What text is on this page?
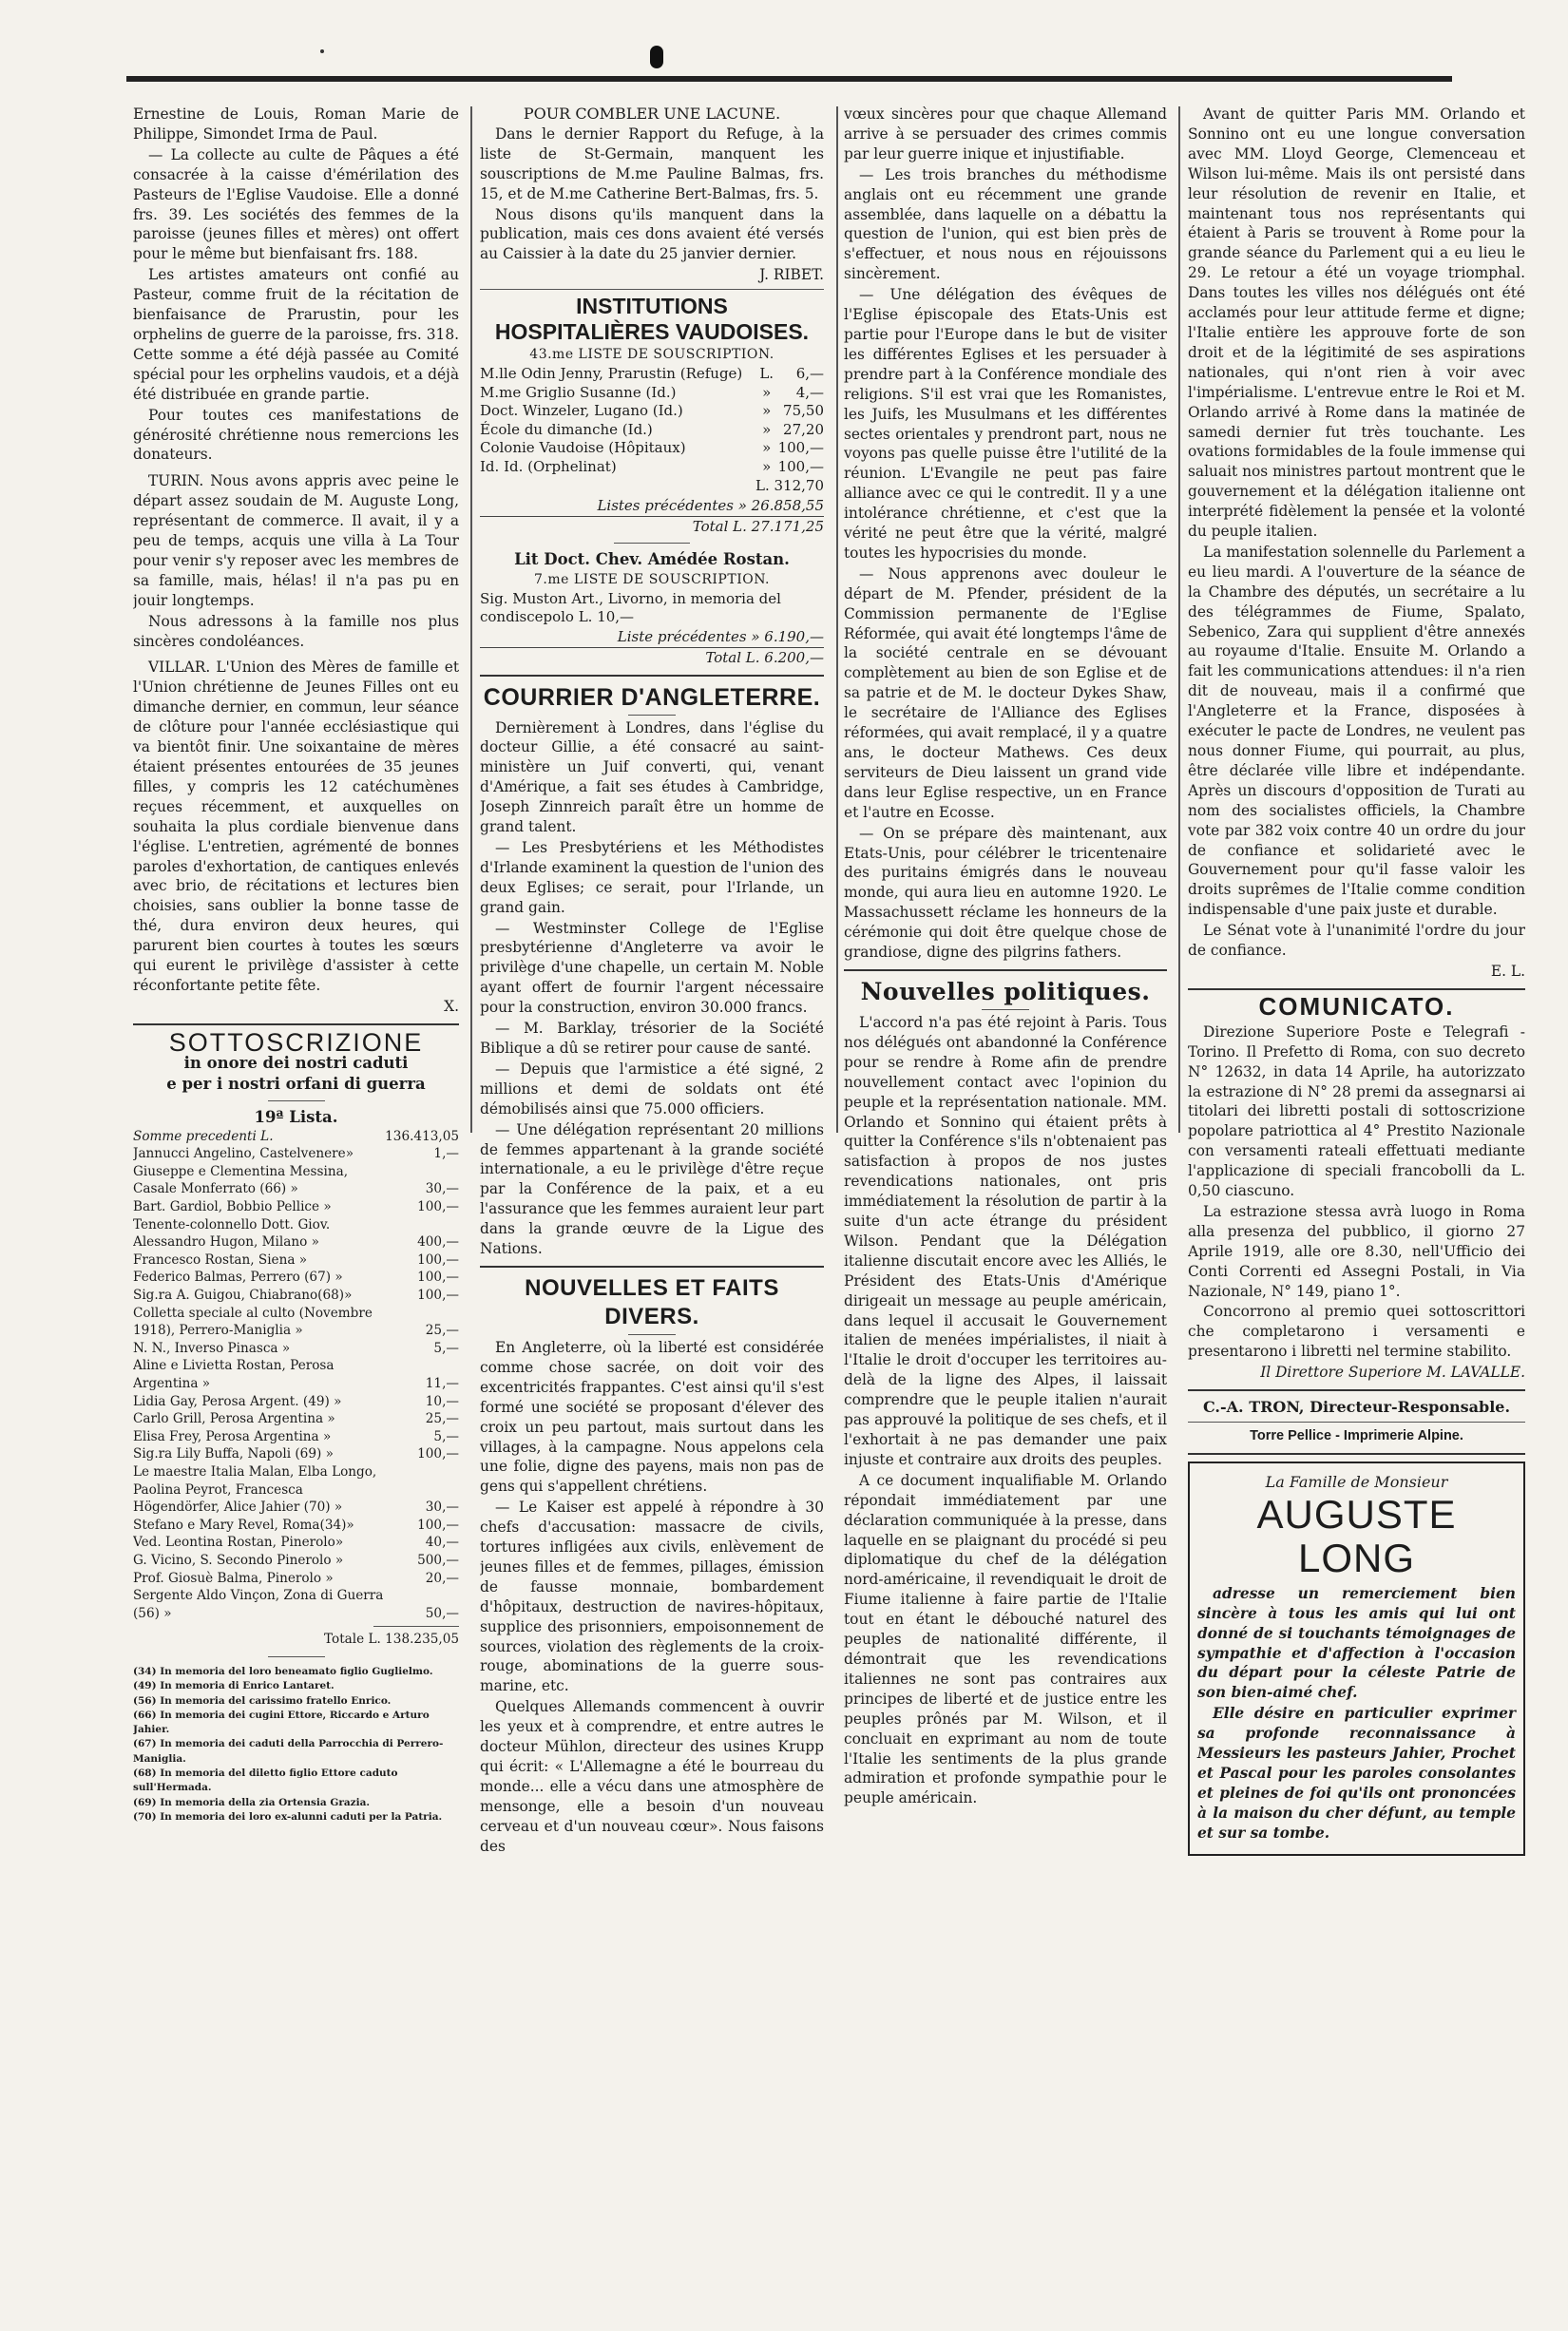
Ernestine de Louis, Roman Marie de Philippe, Simondet Irma de Paul.

— La collecte au culte de Pâques a été consacrée à la caisse d'émérilation des Pasteurs de l'Eglise Vaudoise. Elle a donné frs. 39. Les sociétés des femmes de la paroisse (jeunes filles et mères) ont offert pour le même but bienfaisant frs. 188.

Les artistes amateurs ont confié au Pasteur, comme fruit de la récitation de bienfaisance de Prarustin, pour les orphelins de guerre de la paroisse, frs. 318. Cette somme a été déjà passée au Comité spécial pour les orphelins vaudois, et a déjà été distribuée en grande partie.

Pour toutes ces manifestations de générosité chrétienne nous remercions les donateurs.

TURIN. Nous avons appris avec peine le départ assez soudain de M. Auguste Long, représentant de commerce. Il avait, il y a peu de temps, acquis une villa à La Tour pour venir s'y reposer avec les membres de sa famille, mais, hélas! il n'a pas pu en jouir longtemps.

Nous adressons à la famille nos plus sincères condoléances.

VILLAR. L'Union des Mères de famille et l'Union chrétienne de Jeunes Filles ont eu dimanche dernier, en commun, leur séance de clôture pour l'année ecclésiastique qui va bientôt finir. Une soixantaine de mères étaient présentes entourées de 35 jeunes filles, y compris les 12 catéchumènes reçues récemment, et auxquelles on souhaita la plus cordiale bienvenue dans l'église. L'entretien, agrémenté de bonnes paroles d'exhortation, de cantiques enlevés avec brio, de récitations et lectures bien choisies, sans oublier la bonne tasse de thé, dura environ deux heures, qui parurent bien courtes à toutes les sœurs qui eurent le privilège d'assister à cette réconfortante petite fête.

X.
SOTTOSCRIZIONE
in onore dei nostri caduti
e per i nostri orfani di guerra
19ª Lista.
Somme precedenti L.	136.413,05
Jannucci Angelino, Castelvenere»	1,—
Giuseppe e Clementina Messina, Casale Monferrato (66) »	30,—
Bart. Gardiol, Bobbio Pellice »	100,—
Tenente-colonnello Dott. Giov. Alessandro Hugon, Milano »	400,—
Francesco Rostan, Siena »	100,—
Federico Balmas, Perrero (67) »	100,—
Sig.ra A. Guigou, Chiabrano(68)»	100,—
Colletta speciale al culto (Novembre 1918), Perrero-Maniglia »	25,—
N. N., Inverso Pinasca »	5,—
Aline e Livietta Rostan, Perosa Argentina »	11,—
Lidia Gay, Perosa Argent. (49) »	10,—
Carlo Grill, Perosa Argentina »	25,—
Elisa Frey, Perosa Argentina »	5,—
Sig.ra Lily Buffa, Napoli (69) »	100,—
Le maestre Italia Malan, Elba Longo, Paolina Peyrot, Francesca Högendörfer, Alice Jahier (70) »	30,—
Stefano e Mary Revel, Roma(34)»	100,—
Ved. Leontina Rostan, Pinerolo»	40,—
G. Vicino, S. Secondo Pinerolo »	500,—
Prof. Giosuè Balma, Pinerolo »	20,—
Sergente Aldo Vinçon, Zona di Guerra (56) »	50,—
Totale L. 138.235,05
(34) In memoria del loro beneamato figlio Guglielmo.
(49) In memoria di Enrico Lantaret.
(56) In memoria del carissimo fratello Enrico.
(66) In memoria dei cugini Ettore, Riccardo e Arturo Jahier.
(67) In memoria dei caduti della Parrocchia di Perrero-Maniglia.
(68) In memoria del diletto figlio Ettore caduto sull'Hermada.
(69) In memoria della zia Ortensia Grazia.
(70) In memoria dei loro ex-alunni caduti per la Patria.
POUR COMBLER UNE LACUNE.

Dans le dernier Rapport du Refuge, à la liste de St-Germain, manquent les souscriptions de M.me Pauline Balmas, frs. 15, et de M.me Catherine Bert-Balmas, frs. 5.

Nous disons qu'ils manquent dans la publication, mais ces dons avaient été versés au Caissier à la date du 25 janvier dernier.

J. RIBET.
INSTITUTIONS
HOSPITALIÈRES VAUDOISES.
43.me LISTE DE SOUSCRIPTION.
M.lle Odin Jenny, Prarustin (Refuge)	L.	6,—
M.me Griglio Susanne (Id.)	»	4,—
Doct. Winzeler, Lugano (Id.)	»	75,50
École du dimanche (Id.)	»	27,20
Colonie Vaudoise (Hôpitaux)	»	100,—
Id. Id. (Orphelinat)	»	100,—
L. 312,70
Listes précédentes » 26.858,55
Total L. 27.171,25
Lit Doct. Chev. Amédée Rostan.
7.me LISTE DE SOUSCRIPTION.
Sig. Muston Art., Livorno, in memoria del condiscepolo L. 10,—
Liste précédentes » 6.190,—
Total L. 6.200,—
COURRIER D'ANGLETERRE.

Dernièrement à Londres, dans l'église du docteur Gillie, a été consacré au saint-ministère un Juif converti, qui, venant d'Amérique, a fait ses études à Cambridge, Joseph Zinnreich paraît être un homme de grand talent.

— Les Presbytériens et les Méthodistes d'Irlande examinent la question de l'union des deux Eglises; ce serait, pour l'Irlande, un grand gain.

— Westminster College de l'Eglise presbytérienne d'Angleterre va avoir le privilège d'une chapelle, un certain M. Noble ayant offert de fournir l'argent nécessaire pour la construction, environ 30.000 francs.

— M. Barklay, trésorier de la Société Biblique a dû se retirer pour cause de santé.

— Depuis que l'armistice a été signé, 2 millions et demi de soldats ont été démobilisés ainsi que 75.000 officiers.

— Une délégation représentant 20 millions de femmes appartenant à la grande société internationale, a eu le privilège d'être reçue par la Conférence de la paix, et a eu l'assurance que les femmes auraient leur part dans la grande œuvre de la Ligue des Nations.

NOUVELLES ET FAITS DIVERS.

En Angleterre, où la liberté est considérée comme chose sacrée, on doit voir des excentricités frappantes. C'est ainsi qu'il s'est formé une société se proposant d'élever des croix un peu partout, mais surtout dans les villages, à la campagne. Nous appelons cela une folie, digne des payens, mais non pas de gens qui s'appellent chrétiens.

— Le Kaiser est appelé à répondre à 30 chefs d'accusation: massacre de civils, tortures infligées aux civils, enlèvement de jeunes filles et de femmes, pillages, émission de fausse monnaie, bombardement d'hôpitaux, destruction de navires-hôpitaux, supplice des prisonniers, empoisonnement de sources, violation des règlements de la croix-rouge, abominations de la guerre sous-marine, etc.

Quelques Allemands commencent à ouvrir les yeux et à comprendre, et entre autres le docteur Mühlon, directeur des usines Krupp qui écrit: « L'Allemagne a été le bourreau du monde... elle a vécu dans une atmosphère de mensonge, elle a besoin d'un nouveau cerveau et d'un nouveau cœur». Nous faisons des

vœux sincères pour que chaque Allemand arrive à se persuader des crimes commis par leur guerre inique et injustifiable.

— Les trois branches du méthodisme anglais ont eu récemment une grande assemblée, dans laquelle on a débattu la question de l'union, qui est bien près de s'effectuer, et nous nous en réjouissons sincèrement.

— Une délégation des évêques de l'Eglise épiscopale des Etats-Unis est partie pour l'Europe dans le but de visiter les différentes Eglises et les persuader à prendre part à la Conférence mondiale des religions. S'il est vrai que les Romanistes, les Juifs, les Musulmans et les différentes sectes orientales y prendront part, nous ne voyons pas quelle puisse être l'utilité de la réunion. L'Evangile ne peut pas faire alliance avec ce qui le contredit. Il y a une intolérance chrétienne, et c'est que la vérité ne peut être que la vérité, malgré toutes les hypocrisies du monde.

— Nous apprenons avec douleur le départ de M. Pfender, président de la Commission permanente de l'Eglise Réformée, qui avait été longtemps l'âme de la société centrale en se dévouant complètement au bien de son Eglise et de sa patrie et de M. le docteur Dykes Shaw, le secrétaire de l'Alliance des Eglises réformées, qui avait remplacé, il y a quatre ans, le docteur Mathews. Ces deux serviteurs de Dieu laissent un grand vide dans leur Eglise respective, un en France et l'autre en Ecosse.

— On se prépare dès maintenant, aux Etats-Unis, pour célébrer le tricentenaire des puritains émigrés dans le nouveau monde, qui aura lieu en automne 1920. Le Massachussett réclame les honneurs de la cérémonie qui doit être quelque chose de grandiose, digne des pilgrins fathers.

Nouvelles politiques.

L'accord n'a pas été rejoint à Paris. Tous nos délégués ont abandonné la Conférence pour se rendre à Rome afin de prendre nouvellement contact avec l'opinion du peuple et la représentation nationale. MM. Orlando et Sonnino qui étaient prêts à quitter la Conférence s'ils n'obtenaient pas satisfaction à propos de nos justes revendications nationales, ont pris immédiatement la résolution de partir à la suite d'un acte étrange du président Wilson. Pendant que la Délégation italienne discutait encore avec les Alliés, le Président des Etats-Unis d'Amérique dirigeait un message au peuple américain, dans lequel il accusait le Gouvernement italien de menées impérialistes, il niait à l'Italie le droit d'occuper les territoires au-delà de la ligne des Alpes, il laissait comprendre que le peuple italien n'aurait pas approuvé la politique de ses chefs, et il l'exhortait à ne pas demander une paix injuste et contraire aux droits des peuples.

A ce document inqualifiable M. Orlando répondait immédiatement par une déclaration communiquée à la presse, dans laquelle en se plaignant du procédé si peu diplomatique du chef de la délégation nord-américaine, il revendiquait le droit de Fiume italienne à faire partie de l'Italie tout en étant le débouché naturel des peuples de nationalité différente, il démontrait que les revendications italiennes ne sont pas contraires aux principes de liberté et de justice entre les peuples prônés par M. Wilson, et il concluait en exprimant au nom de toute l'Italie les sentiments de la plus grande admiration et profonde sympathie pour le peuple américain.

Avant de quitter Paris MM. Orlando et Sonnino ont eu une longue conversation avec MM. Lloyd George, Clemenceau et Wilson lui-même. Mais ils ont persisté dans leur résolution de revenir en Italie, et maintenant tous nos représentants qui étaient à Paris se trouvent à Rome pour la grande séance du Parlement qui a eu lieu le 29. Le retour a été un voyage triomphal. Dans toutes les villes nos délégués ont été acclamés pour leur attitude ferme et digne; l'Italie entière les approuve forte de son droit et de la légitimité de ses aspirations nationales, qui n'ont rien à voir avec l'impérialisme. L'entrevue entre le Roi et M. Orlando arrivé à Rome dans la matinée de samedi dernier fut très touchante. Les ovations formidables de la foule immense qui saluait nos ministres partout montrent que le gouvernement et la délégation italienne ont interprété fidèlement la pensée et la volonté du peuple italien.

La manifestation solennelle du Parlement a eu lieu mardi. A l'ouverture de la séance de la Chambre des députés, un secrétaire a lu des télégrammes de Fiume, Spalato, Sebenico, Zara qui supplient d'être annexés au royaume d'Italie. Ensuite M. Orlando a fait les communications attendues: il n'a rien dit de nouveau, mais il a confirmé que l'Angleterre et la France, disposées à exécuter le pacte de Londres, ne veulent pas nous donner Fiume, qui pourrait, au plus, être déclarée ville libre et indépendante. Après un discours d'opposition de Turati au nom des socialistes officiels, la Chambre vote par 382 voix contre 40 un ordre du jour de confiance et solidarieté avec le Gouvernement pour qu'il fasse valoir les droits suprêmes de l'Italie comme condition indispensable d'une paix juste et durable.

Le Sénat vote à l'unanimité l'ordre du jour de confiance.

E. L.
COMUNICATO.

Direzione Superiore Poste e Telegrafi - Torino. Il Prefetto di Roma, con suo decreto N° 12632, in data 14 Aprile, ha autorizzato la estrazione di N° 28 premi da assegnarsi ai titolari dei libretti postali di sottoscrizione popolare patriottica al 4° Prestito Nazionale con versamenti rateali effettuati mediante l'applicazione di speciali francobolli da L. 0,50 ciascuno.

La estrazione stessa avrà luogo in Roma alla presenza del pubblico, il giorno 27 Aprile 1919, alle ore 8.30, nell'Ufficio dei Conti Correnti ed Assegni Postali, in Via Nazionale, N° 149, piano 1°.

Concorrono al premio quei sottoscrittori che completarono i versamenti e presentarono i libretti nel termine stabilito.

Il Direttore Superiore M. LAVALLE.
C.-A. TRON, Directeur-Responsable.
Torre Pellice - Imprimerie Alpine.
La Famille de Monsieur
AUGUSTE LONG

adresse un remerciement bien sincère à tous les amis qui lui ont donné de si touchants témoignages de sympathie et d'affection à l'occasion du départ pour la céleste Patrie de son bien-aimé chef.

Elle désire en particulier exprimer sa profonde reconnaissance à Messieurs les pasteurs Jahier, Prochet et Pascal pour les paroles consolantes et pleines de foi qu'ils ont prononcées à la maison du cher défunt, au temple et sur sa tombe.
